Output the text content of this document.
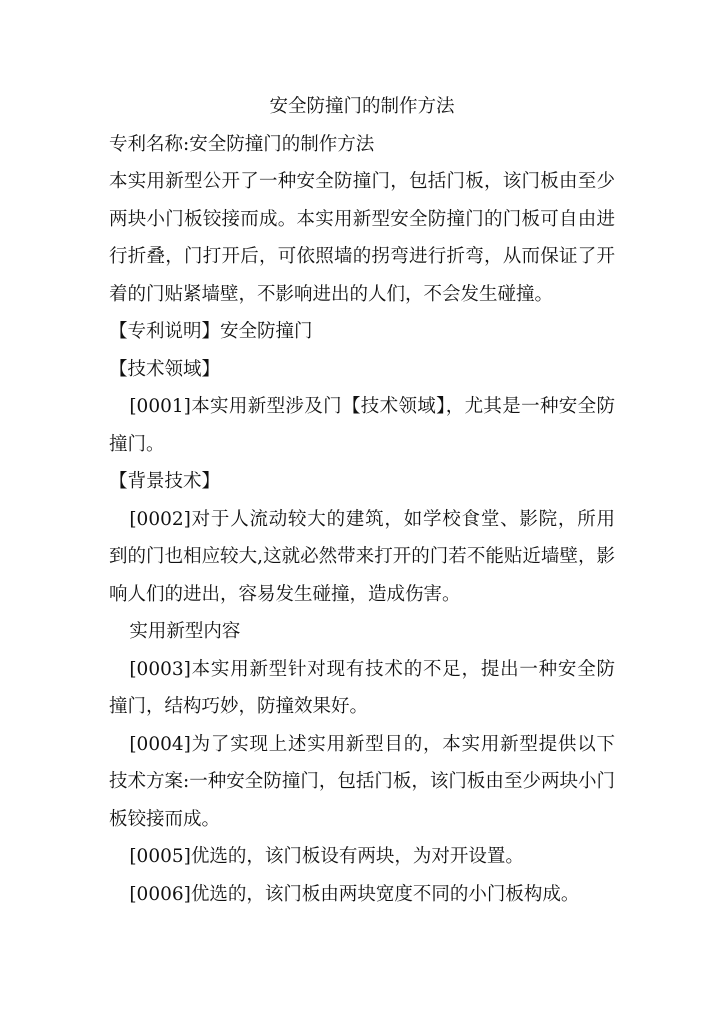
安全防撞门的制作方法

专利名称:安全防撞门的制作方法

本实用新型公开了一种安全防撞门，包括门板，该门板由至少两块小门板铰接而成。本实用新型安全防撞门的门板可自由进行折叠，门打开后，可依照墙的拐弯进行折弯，从而保证了开着的门贴紧墙壁，不影响进出的人们，不会发生碰撞。

【专利说明】安全防撞门

【技术领域】

[0001]本实用新型涉及门【技术领域】，尤其是一种安全防撞门。

【背景技术】

[0002]对于人流动较大的建筑，如学校食堂、影院，所用到的门也相应较大,这就必然带来打开的门若不能贴近墙壁，影响人们的进出，容易发生碰撞，造成伤害。

实用新型内容

[0003]本实用新型针对现有技术的不足，提出一种安全防撞门，结构巧妙，防撞效果好。

[0004]为了实现上述实用新型目的，本实用新型提供以下技术方案:一种安全防撞门，包括门板，该门板由至少两块小门板铰接而成。

[0005]优选的，该门板设有两块，为对开设置。

[0006]优选的，该门板由两块宽度不同的小门板构成。
